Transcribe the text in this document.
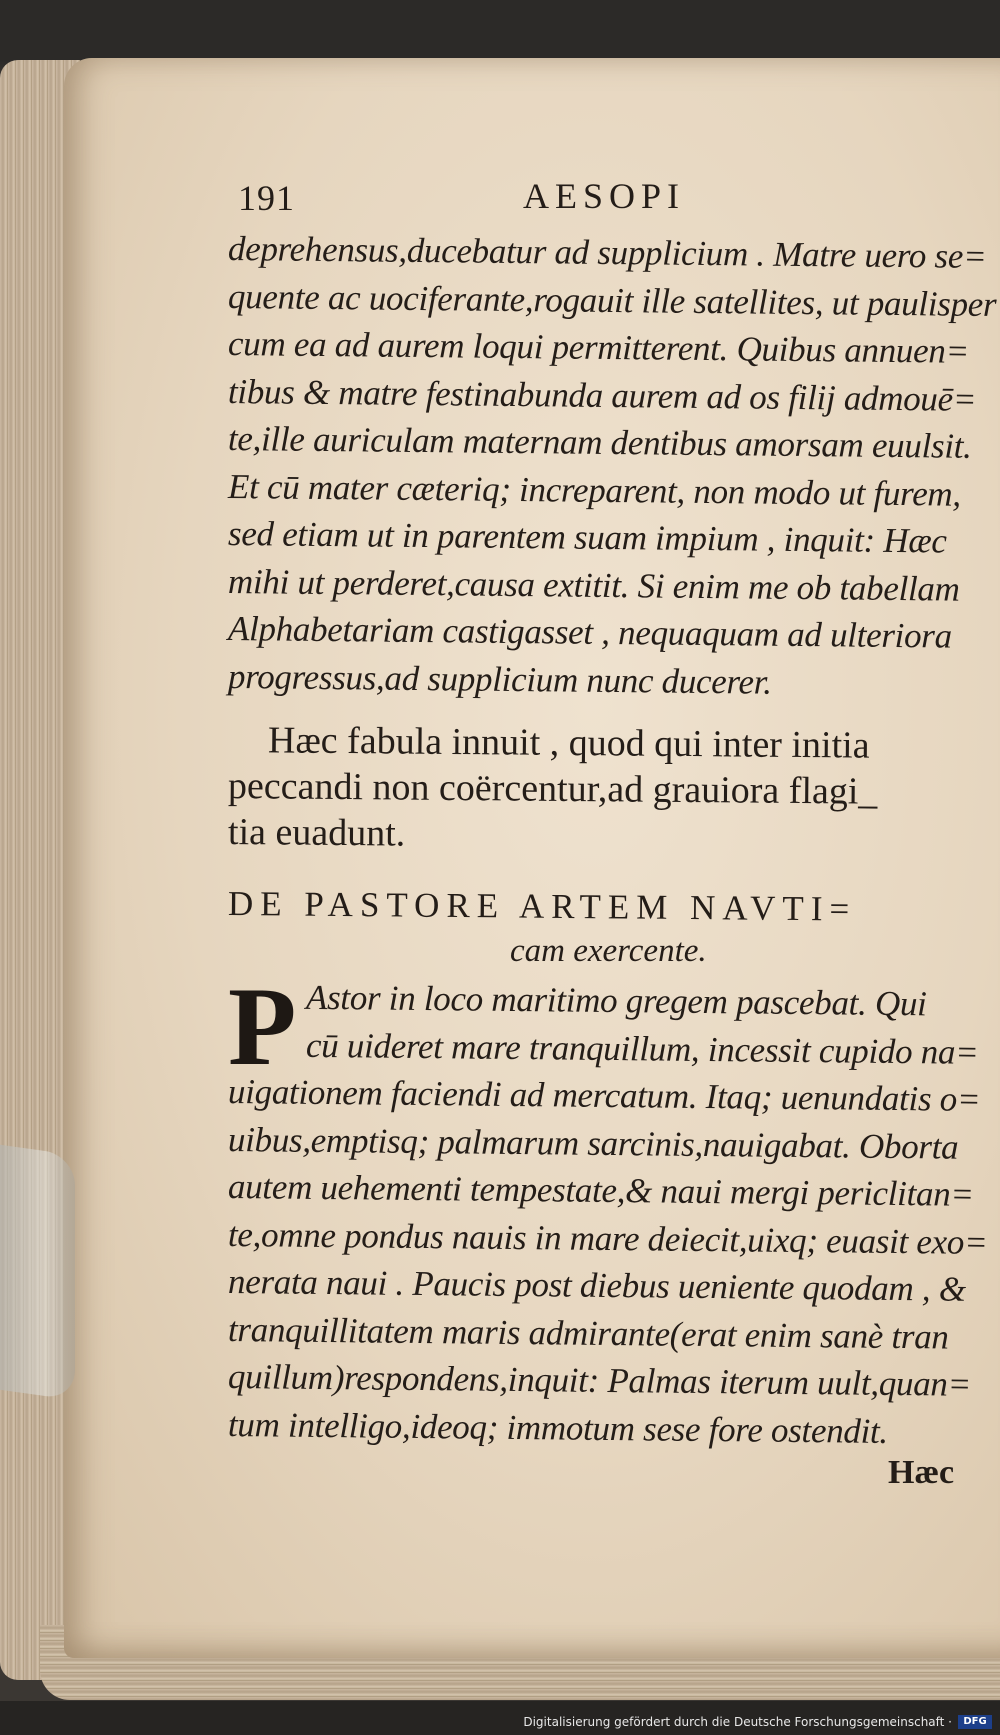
191	AESOPI
deprehensus,ducebatur ad supplicium . Matre uero se=
quente ac uociferante,rogauit ille satellites, ut paulisper
cum ea ad aurem loqui permitterent. Quibus annuen=
tibus & matre festinabunda aurem ad os filij admouē=
te,ille auriculam maternam dentibus amorsam euulsit.
Et cū mater cæteriq; increparent, non modo ut furem,
sed etiam ut in parentem suam impium , inquit: Hæc
mihi ut perderet,causa extitit. Si enim me ob tabellam
Alphabetariam castigasset , nequaquam ad ulteriora
progressus,ad supplicium nunc ducerer.
Hæc fabula innuit , quod qui inter initia
peccandi non coërcentur,ad grauiora flagi_
tia euadunt.
DE PASTORE ARTEM NAVTI=
cam exercente.
P Astor in loco maritimo gregem pascebat. Qui
cū uideret mare tranquillum, incessit cupido na=
uigationem faciendi ad mercatum. Itaq; uenundatis o=
uibus,emptisq; palmarum sarcinis,nauigabat. Oborta
autem uehementi tempestate,& naui mergi periclitan=
te,omne pondus nauis in mare deiecit,uixq; euasit exo=
nerata naui . Paucis post diebus ueniente quodam , &
tranquillitatem maris admirante(erat enim sanè tran
quillum)respondens,inquit: Palmas iterum uult,quan=
tum intelligo,ideoq; immotum sese fore ostendit.
Hæc
Digitalisierung gefördert durch die Deutsche Forschungsgemeinschaft ·	DFG
